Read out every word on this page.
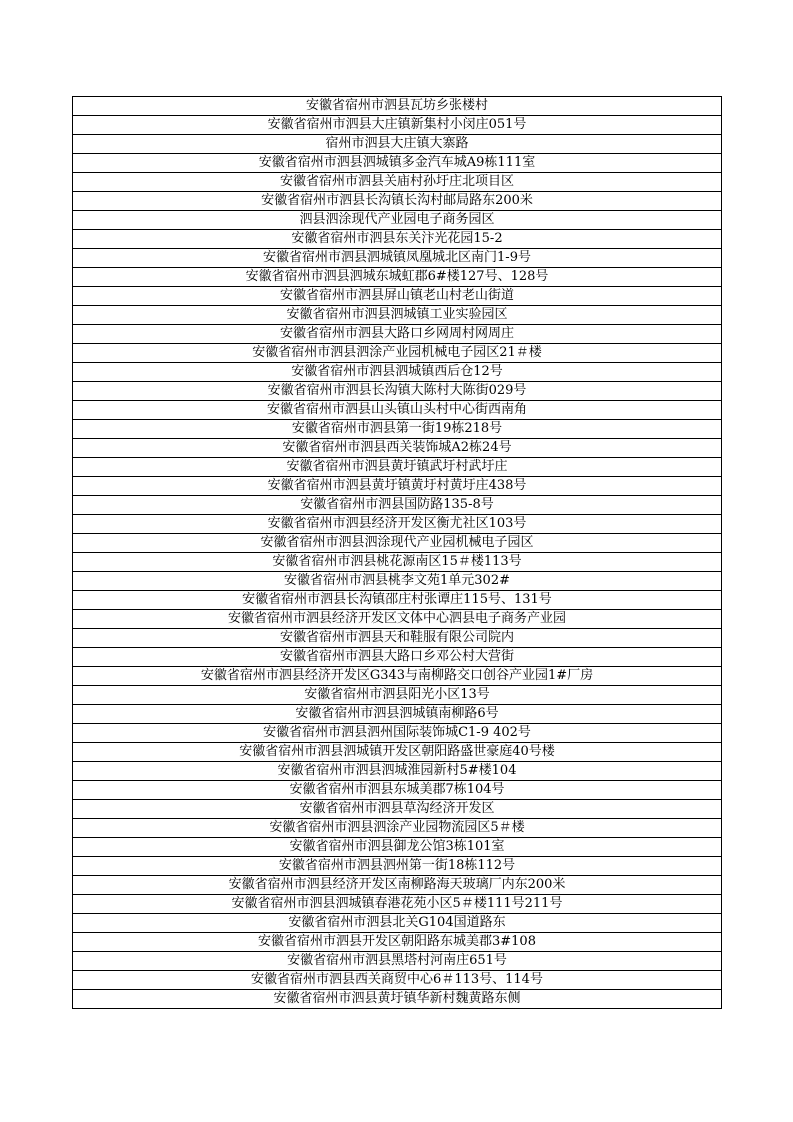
安徽省宿州市泗县瓦坊乡张楼村
安徽省宿州市泗县大庄镇新集村小闵庄051号
宿州市泗县大庄镇大寨路
安徽省宿州市泗县泗城镇多金汽车城A9栋111室
安徽省宿州市泗县关庙村孙圩庄北项目区
安徽省宿州市泗县长沟镇长沟村邮局路东200米
泗县泗涂现代产业园电子商务园区
安徽省宿州市泗县东关汴光花园15-2
安徽省宿州市泗县泗城镇凤凰城北区南门1-9号
安徽省宿州市泗县泗城东城虹郡6#楼127号、128号
安徽省宿州市泗县屏山镇老山村老山街道
安徽省宿州市泗县泗城镇工业实验园区
安徽省宿州市泗县大路口乡网周村网周庄
安徽省宿州市泗县泗涂产业园机械电子园区21＃楼
安徽省宿州市泗县泗城镇西后仓12号
安徽省宿州市泗县长沟镇大陈村大陈街029号
安徽省宿州市泗县山头镇山头村中心街西南角
安徽省宿州市泗县第一街19栋218号
安徽省宿州市泗县西关装饰城A2栋24号
安徽省宿州市泗县黄圩镇武圩村武圩庄
安徽省宿州市泗县黄圩镇黄圩村黄圩庄438号
安徽省宿州市泗县国防路135-8号
安徽省宿州市泗县经济开发区衡尤社区103号
安徽省宿州市泗县泗涂现代产业园机械电子园区
安徽省宿州市泗县桃花源南区15＃楼113号
安徽省宿州市泗县桃李文苑1单元302#
安徽省宿州市泗县长沟镇邵庄村张谭庄115号、131号
安徽省宿州市泗县经济开发区文体中心泗县电子商务产业园
安徽省宿州市泗县天和鞋服有限公司院内
安徽省宿州市泗县大路口乡邓公村大营街
安徽省宿州市泗县经济开发区G343与南柳路交口创谷产业园1#厂房
安徽省宿州市泗县阳光小区13号
安徽省宿州市泗县泗城镇南柳路6号
安徽省宿州市泗县泗州国际装饰城C1-9 402号
安徽省宿州市泗县泗城镇开发区朝阳路盛世豪庭40号楼
安徽省宿州市泗县泗城淮园新村5#楼104
安徽省宿州市泗县东城美郡7栋104号
安徽省宿州市泗县草沟经济开发区
安徽省宿州市泗县泗涂产业园物流园区5＃楼
安徽省宿州市泗县御龙公馆3栋101室
安徽省宿州市泗县泗州第一街18栋112号
安徽省宿州市泗县经济开发区南柳路海天玻璃厂内东200米
安徽省宿州市泗县泗城镇春港花苑小区5＃楼111号211号
安徽省宿州市泗县北关G104国道路东
安徽省宿州市泗县开发区朝阳路东城美郡3#108
安徽省宿州市泗县黑塔村河南庄651号
安徽省宿州市泗县西关商贸中心6＃113号、114号
安徽省宿州市泗县黄圩镇华新村魏黄路东侧
